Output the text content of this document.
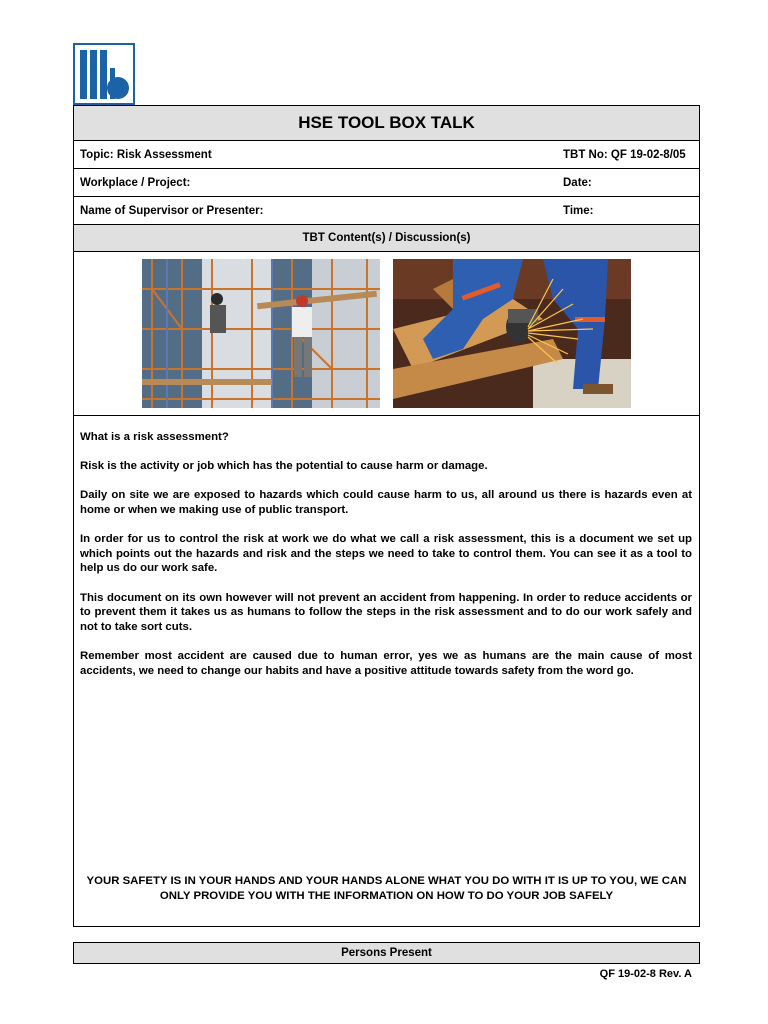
HSE TOOL BOX TALK
Topic: Risk Assessment	TBT No: QF 19-02-8/05
Workplace / Project:	Date:
Name of Supervisor or Presenter:	Time:
TBT Content(s) / Discussion(s)

What is a risk assessment?

Risk is the activity or job which has the potential to cause harm or damage.

Daily on site we are exposed to hazards which could cause harm to us, all around us there is hazards even at home or when we making use of public transport.

In order for us to control the risk at work we do what we call a risk assessment, this is a document we set up which points out the hazards and risk and the steps we need to take to control them. You can see it as a tool to help us do our work safe.

This document on its own however will not prevent an accident from happening. In order to reduce accidents or to prevent them it takes us as humans to follow the steps in the risk assessment and to do our work safely and not to take sort cuts.

Remember most accident are caused due to human error, yes we as humans are the main cause of most accidents, we need to change our habits and have a positive attitude towards safety from the word go.

YOUR SAFETY IS IN YOUR HANDS AND YOUR HANDS ALONE WHAT YOU DO WITH IT IS UP TO YOU, WE CAN ONLY PROVIDE YOU WITH THE INFORMATION ON HOW TO DO YOUR JOB SAFELY
Persons Present
QF 19-02-8 Rev. A
